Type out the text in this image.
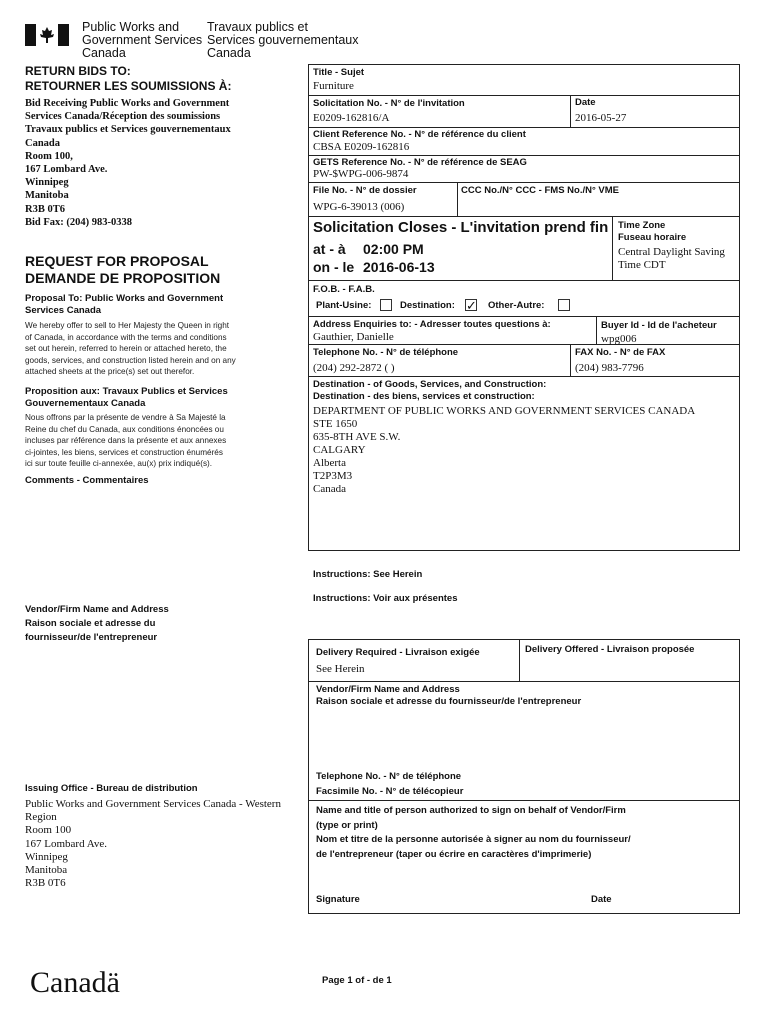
Public Works and
Government Services
Canada
Travaux publics et
Services gouvernementaux
Canada
RETURN BIDS TO:
RETOURNER LES SOUMISSIONS À:
Bid Receiving Public Works and Government
Services Canada/Réception des soumissions
Travaux publics et Services gouvernementaux
Canada
Room 100,
167 Lombard Ave.
Winnipeg
Manitoba
R3B 0T6
Bid Fax: (204) 983-0338
REQUEST FOR PROPOSAL
DEMANDE DE PROPOSITION
Proposal To: Public Works and Government
Services Canada
We hereby offer to sell to Her Majesty the Queen in right
of Canada, in accordance with the terms and conditions
set out herein, referred to herein or attached hereto, the
goods, services, and construction listed herein and on any
attached sheets at the price(s) set out therefor.
Proposition aux: Travaux Publics et Services
Gouvernementaux Canada
Nous offrons par la présente de vendre à Sa Majesté la
Reine du chef du Canada, aux conditions énoncées ou
incluses par référence dans la présente et aux annexes
ci-jointes, les biens, services et construction énumérés
ici sur toute feuille ci-annexée, au(x) prix indiqué(s).
Comments - Commentaires
Vendor/Firm Name and Address
Raison sociale et adresse du
fournisseur/de l'entrepreneur
Issuing Office - Bureau de distribution
Public Works and Government Services Canada - Western
Region
Room 100
167 Lombard Ave.
Winnipeg
Manitoba
R3B 0T6
Title - Sujet
Furniture
Solicitation No. - N° de l'invitation
E0209-162816/A
Date
2016-05-27
Client Reference No. - N° de référence du client
CBSA E0209-162816
GETS Reference No. - N° de référence de SEAG
PW-$WPG-006-9874
File No. - N° de dossier
WPG-6-39013 (006)
CCC No./N° CCC - FMS No./N° VME
Solicitation Closes - L'invitation prend fin
at - à 02:00 PM
on - le 2016-06-13
Time Zone
Fuseau horaire
Central Daylight Saving
Time CDT
F.O.B. - F.A.B.
Plant-Usine:	Destination: ✓ Other-Autre:
Address Enquiries to: - Adresser toutes questions à:
Gauthier, Danielle
Buyer Id - Id de l'acheteur
wpg006
Telephone No. - N° de téléphone
(204) 292-2872 ( )
FAX No. - N° de FAX
(204) 983-7796
Destination - of Goods, Services, and Construction:
Destination - des biens, services et construction:
DEPARTMENT OF PUBLIC WORKS AND GOVERNMENT SERVICES CANADA
STE 1650
635-8TH AVE S.W.
CALGARY
Alberta
T2P3M3
Canada
Instructions: See Herein
Instructions: Voir aux présentes
Delivery Required - Livraison exigée
See Herein
Delivery Offered - Livraison proposée
Vendor/Firm Name and Address
Raison sociale et adresse du fournisseur/de l'entrepreneur
Telephone No. - N° de téléphone
Facsimile No. - N° de télécopieur
Name and title of person authorized to sign on behalf of Vendor/Firm
(type or print)
Nom et titre de la personne autorisée à signer au nom du fournisseur/
de l'entrepreneur (taper ou écrire en caractères d'imprimerie)
Signature	Date
Canadä	Page 1 of - de 1
